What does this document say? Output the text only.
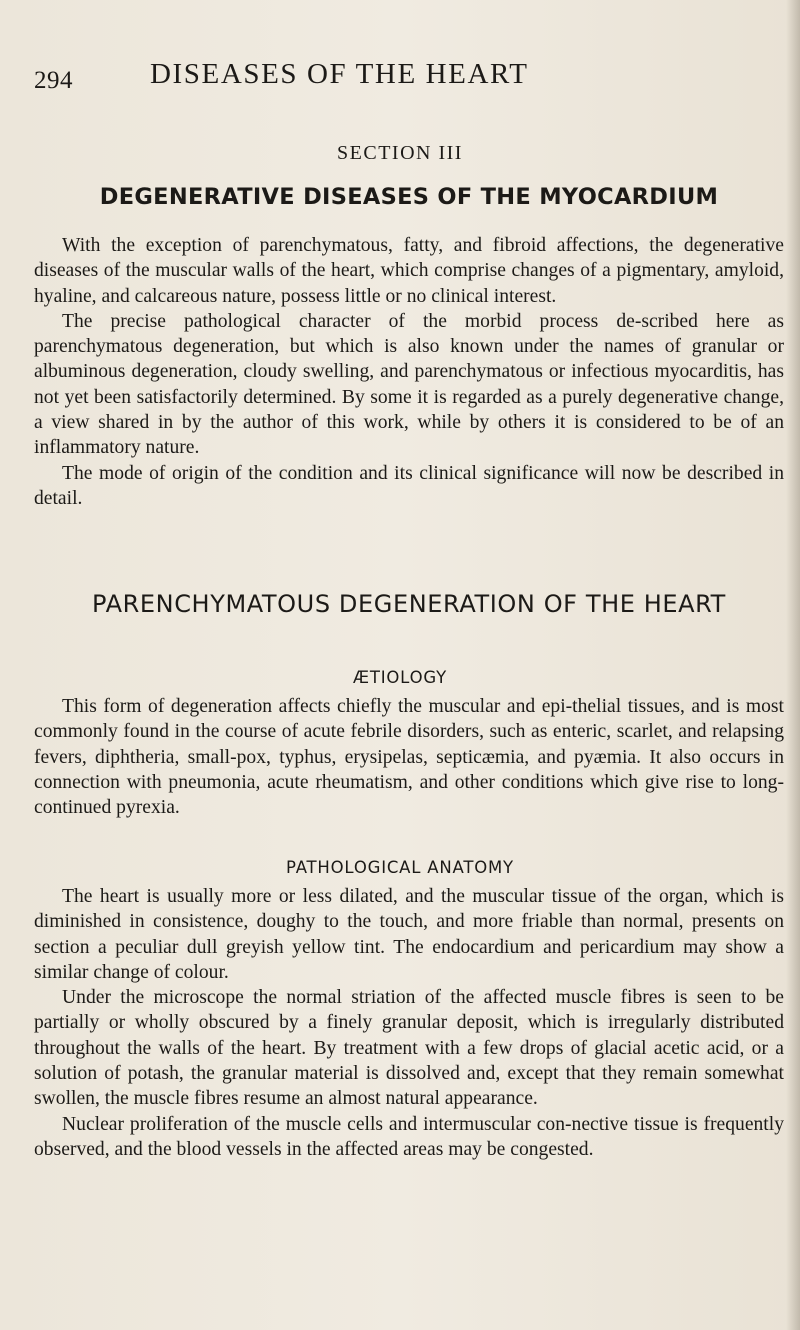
294	DISEASES OF THE HEART
SECTION III
DEGENERATIVE DISEASES OF THE MYOCARDIUM

With the exception of parenchymatous, fatty, and fibroid affections, the degenerative diseases of the muscular walls of the heart, which comprise changes of a pigmentary, amyloid, hyaline, and calcareous nature, possess little or no clinical interest.

The precise pathological character of the morbid process de-scribed here as parenchymatous degeneration, but which is also known under the names of granular or albuminous degeneration, cloudy swelling, and parenchymatous or infectious myocarditis, has not yet been satisfactorily determined. By some it is regarded as a purely degenerative change, a view shared in by the author of this work, while by others it is considered to be of an inflammatory nature.

The mode of origin of the condition and its clinical significance will now be described in detail.

PARENCHYMATOUS DEGENERATION OF THE HEART
ÆTIOLOGY

This form of degeneration affects chiefly the muscular and epi-thelial tissues, and is most commonly found in the course of acute febrile disorders, such as enteric, scarlet, and relapsing fevers, diphtheria, small-pox, typhus, erysipelas, septicæmia, and pyæmia. It also occurs in connection with pneumonia, acute rheumatism, and other conditions which give rise to long-continued pyrexia.

PATHOLOGICAL ANATOMY

The heart is usually more or less dilated, and the muscular tissue of the organ, which is diminished in consistence, doughy to the touch, and more friable than normal, presents on section a peculiar dull greyish yellow tint. The endocardium and pericardium may show a similar change of colour.

Under the microscope the normal striation of the affected muscle fibres is seen to be partially or wholly obscured by a finely granular deposit, which is irregularly distributed throughout the walls of the heart. By treatment with a few drops of glacial acetic acid, or a solution of potash, the granular material is dissolved and, except that they remain somewhat swollen, the muscle fibres resume an almost natural appearance.

Nuclear proliferation of the muscle cells and intermuscular con-nective tissue is frequently observed, and the blood vessels in the affected areas may be congested.
